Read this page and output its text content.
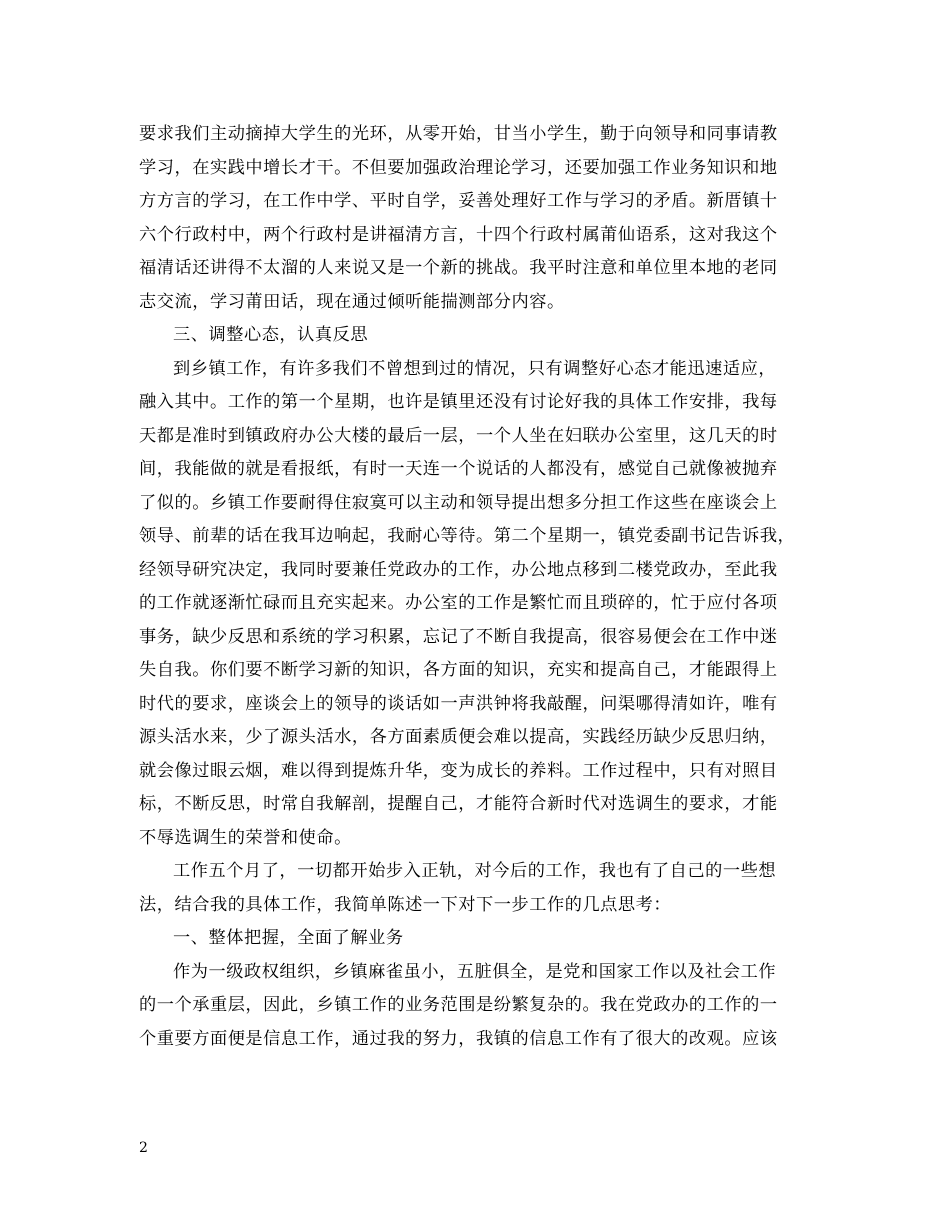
要求我们主动摘掉大学生的光环，从零开始，甘当小学生，勤于向领导和同事请教
学习，在实践中增长才干。不但要加强政治理论学习，还要加强工作业务知识和地
方方言的学习，在工作中学、平时自学，妥善处理好工作与学习的矛盾。新厝镇十
六个行政村中，两个行政村是讲福清方言，十四个行政村属莆仙语系，这对我这个
福清话还讲得不太溜的人来说又是一个新的挑战。我平时注意和单位里本地的老同
志交流，学习莆田话，现在通过倾听能揣测部分内容。
三、调整心态，认真反思
到乡镇工作，有许多我们不曾想到过的情况，只有调整好心态才能迅速适应，
融入其中。工作的第一个星期，也许是镇里还没有讨论好我的具体工作安排，我每
天都是准时到镇政府办公大楼的最后一层，一个人坐在妇联办公室里，这几天的时
间，我能做的就是看报纸，有时一天连一个说话的人都没有，感觉自己就像被抛弃
了似的。乡镇工作要耐得住寂寞可以主动和领导提出想多分担工作这些在座谈会上
领导、前辈的话在我耳边响起，我耐心等待。第二个星期一，镇党委副书记告诉我，
经领导研究决定，我同时要兼任党政办的工作，办公地点移到二楼党政办，至此我
的工作就逐渐忙碌而且充实起来。办公室的工作是繁忙而且琐碎的，忙于应付各项
事务，缺少反思和系统的学习积累，忘记了不断自我提高，很容易便会在工作中迷
失自我。你们要不断学习新的知识，各方面的知识，充实和提高自己，才能跟得上
时代的要求，座谈会上的领导的谈话如一声洪钟将我敲醒，问渠哪得清如许，唯有
源头活水来，少了源头活水，各方面素质便会难以提高，实践经历缺少反思归纳，
就会像过眼云烟，难以得到提炼升华，变为成长的养料。工作过程中，只有对照目
标，不断反思，时常自我解剖，提醒自己，才能符合新时代对选调生的要求，才能
不辱选调生的荣誉和使命。
工作五个月了，一切都开始步入正轨，对今后的工作，我也有了自己的一些想
法，结合我的具体工作，我简单陈述一下对下一步工作的几点思考：
一、整体把握，全面了解业务
作为一级政权组织，乡镇麻雀虽小，五脏俱全，是党和国家工作以及社会工作
的一个承重层，因此，乡镇工作的业务范围是纷繁复杂的。我在党政办的工作的一
个重要方面便是信息工作，通过我的努力，我镇的信息工作有了很大的改观。应该
2
